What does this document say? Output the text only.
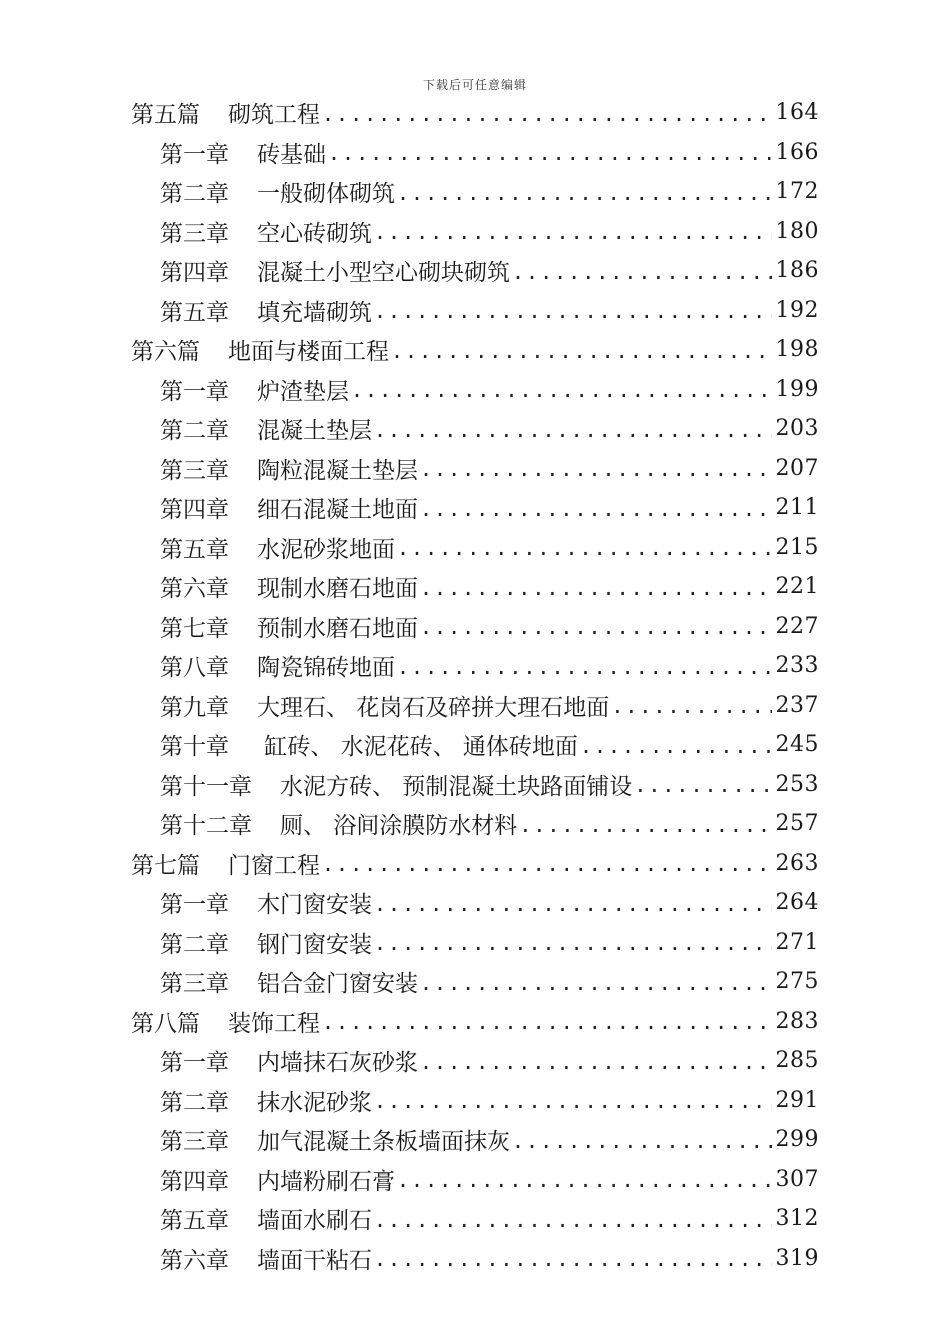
下载后可任意编辑
第五篇 砌筑工程 .....	164
第一章 砖基础 .....	166
第二章 一般砌体砌筑 .....	172
第三章 空心砖砌筑 .....	180
第四章 混凝土小型空心砌块砌筑 .....	186
第五章 填充墙砌筑 .....	192
第六篇 地面与楼面工程 .....	198
第一章 炉渣垫层 .....	199
第二章 混凝土垫层 .....	203
第三章 陶粒混凝土垫层 .....	207
第四章 细石混凝土地面 .....	211
第五章 水泥砂浆地面 .....	215
第六章 现制水磨石地面 .....	221
第七章 预制水磨石地面 .....	227
第八章 陶瓷锦砖地面 .....	233
第九章 大理石、 花岗石及碎拼大理石地面 .....	237
第十章 缸砖、 水泥花砖、 通体砖地面 .....	245
第十一章 水泥方砖、 预制混凝土块路面铺设 .....	253
第十二章 厕、 浴间涂膜防水材料 .....	257
第七篇 门窗工程 .....	263
第一章 木门窗安装 .....	264
第二章 钢门窗安装 .....	271
第三章 铝合金门窗安装 .....	275
第八篇 装饰工程 .....	283
第一章 内墙抹石灰砂浆 .....	285
第二章 抹水泥砂浆 .....	291
第三章 加气混凝土条板墙面抹灰 .....	299
第四章 内墙粉刷石膏 .....	307
第五章 墙面水刷石 .....	312
第六章 墙面干粘石 .....	319
